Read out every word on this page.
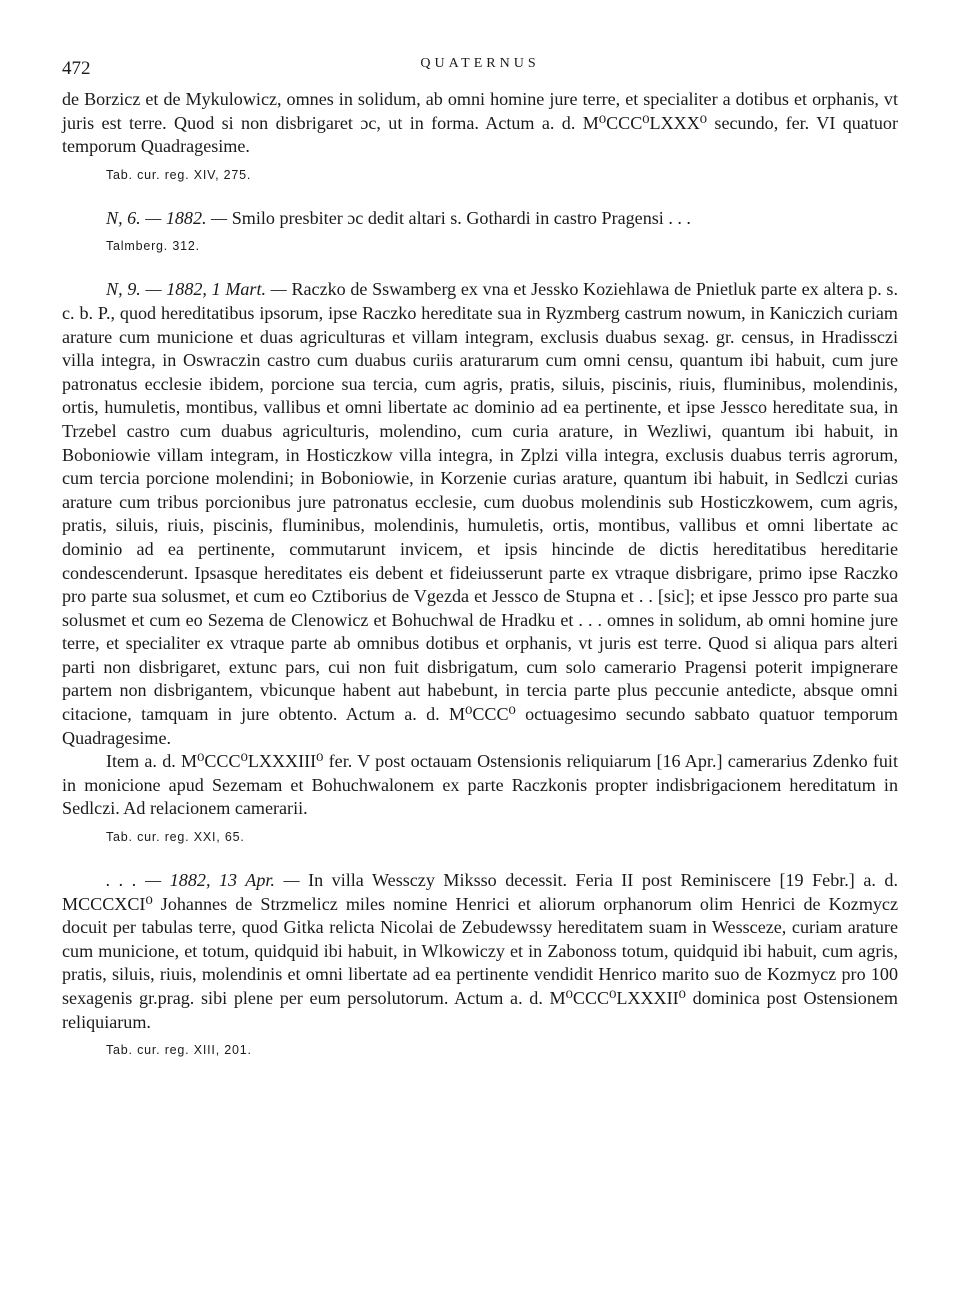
472	QUATERNUS

de Borzicz et de Mykulowicz, omnes in solidum, ab omni homine jure terre, et specialiter a dotibus et orphanis, vt juris est terre. Quod si non disbrigaret ɔc, ut in forma. Actum a. d. M⁰CCC⁰LXXX⁰ secundo, fer. VI quatuor temporum Quadragesime.

Tab. cur. reg. XIV, 275.

N, 6. — 1882. — Smilo presbiter ɔc dedit altari s. Gothardi in castro Pragensi . . .

Talmberg. 312.

N, 9. — 1882, 1 Mart. — Raczko de Sswamberg ex vna et Jessko Koziehlawa de Pnietluk parte ex altera p. s. c. b. P., quod hereditatibus ipsorum, ipse Raczko hereditate sua in Ryzmberg castrum nowum, in Kaniczich curiam arature cum municione et duas agriculturas et villam integram, exclusis duabus sexag. gr. census, in Hradissczi villa integra, in Oswraczin castro cum duabus curiis araturarum cum omni censu, quantum ibi habuit, cum jure patronatus ecclesie ibidem, porcione sua tercia, cum agris, pratis, siluis, piscinis, riuis, fluminibus, molendinis, ortis, humuletis, montibus, vallibus et omni libertate ac dominio ad ea pertinente, et ipse Jessco hereditate sua, in Trzebel castro cum duabus agriculturis, molendino, cum curia arature, in Wezliwi, quantum ibi habuit, in Boboniowie villam integram, in Hosticzkow villa integra, in Zplzi villa integra, exclusis duabus terris agrorum, cum tercia porcione molendini; in Boboniowie, in Korzenie curias arature, quantum ibi habuit, in Sedlczi curias arature cum tribus porcionibus jure patronatus ecclesie, cum duobus molendinis sub Hosticzkowem, cum agris, pratis, siluis, riuis, piscinis, fluminibus, molendinis, humuletis, ortis, montibus, vallibus et omni libertate ac dominio ad ea pertinente, commutarunt invicem, et ipsis hincinde de dictis hereditatibus hereditarie condescenderunt. Ipsasque hereditates eis debent et fideiusserunt parte ex vtraque disbrigare, primo ipse Raczko pro parte sua solusmet, et cum eo Cztiborius de Vgezda et Jessco de Stupna et . . [sic]; et ipse Jessco pro parte sua solusmet et cum eo Sezema de Clenowicz et Bohuchwal de Hradku et . . . omnes in solidum, ab omni homine jure terre, et specialiter ex vtraque parte ab omnibus dotibus et orphanis, vt juris est terre. Quod si aliqua pars alteri parti non disbrigaret, extunc pars, cui non fuit disbrigatum, cum solo camerario Pragensi poterit impignerare partem non disbrigantem, vbicunque habent aut habebunt, in tercia parte plus peccunie antedicte, absque omni citacione, tamquam in jure obtento. Actum a. d. M⁰CCC⁰ octuagesimo secundo sabbato quatuor temporum Quadragesime.

Item a. d. M⁰CCC⁰LXXXIII⁰ fer. V post octauam Ostensionis reliquiarum [16 Apr.] camerarius Zdenko fuit in monicione apud Sezemam et Bohuchwalonem ex parte Raczkonis propter indisbrigacionem hereditatum in Sedlczi. Ad relacionem camerarii.

Tab. cur. reg. XXI, 65.

. . . — 1882, 13 Apr. — In villa Wessczy Miksso decessit. Feria II post Reminiscere [19 Febr.] a. d. MCCCXCI⁰ Johannes de Strzmelicz miles nomine Henrici et aliorum orphanorum olim Henrici de Kozmycz docuit per tabulas terre, quod Gitka relicta Nicolai de Zebudewssy hereditatem suam in Wessceze, curiam arature cum municione, et totum, quidquid ibi habuit, in Wlkowiczy et in Zabonoss totum, quidquid ibi habuit, cum agris, pratis, siluis, riuis, molendinis et omni libertate ad ea pertinente vendidit Henrico marito suo de Kozmycz pro 100 sexagenis gr.prag. sibi plene per eum persolutorum. Actum a. d. M⁰CCC⁰LXXXII⁰ dominica post Ostensionem reliquiarum.

Tab. cur. reg. XIII, 201.
